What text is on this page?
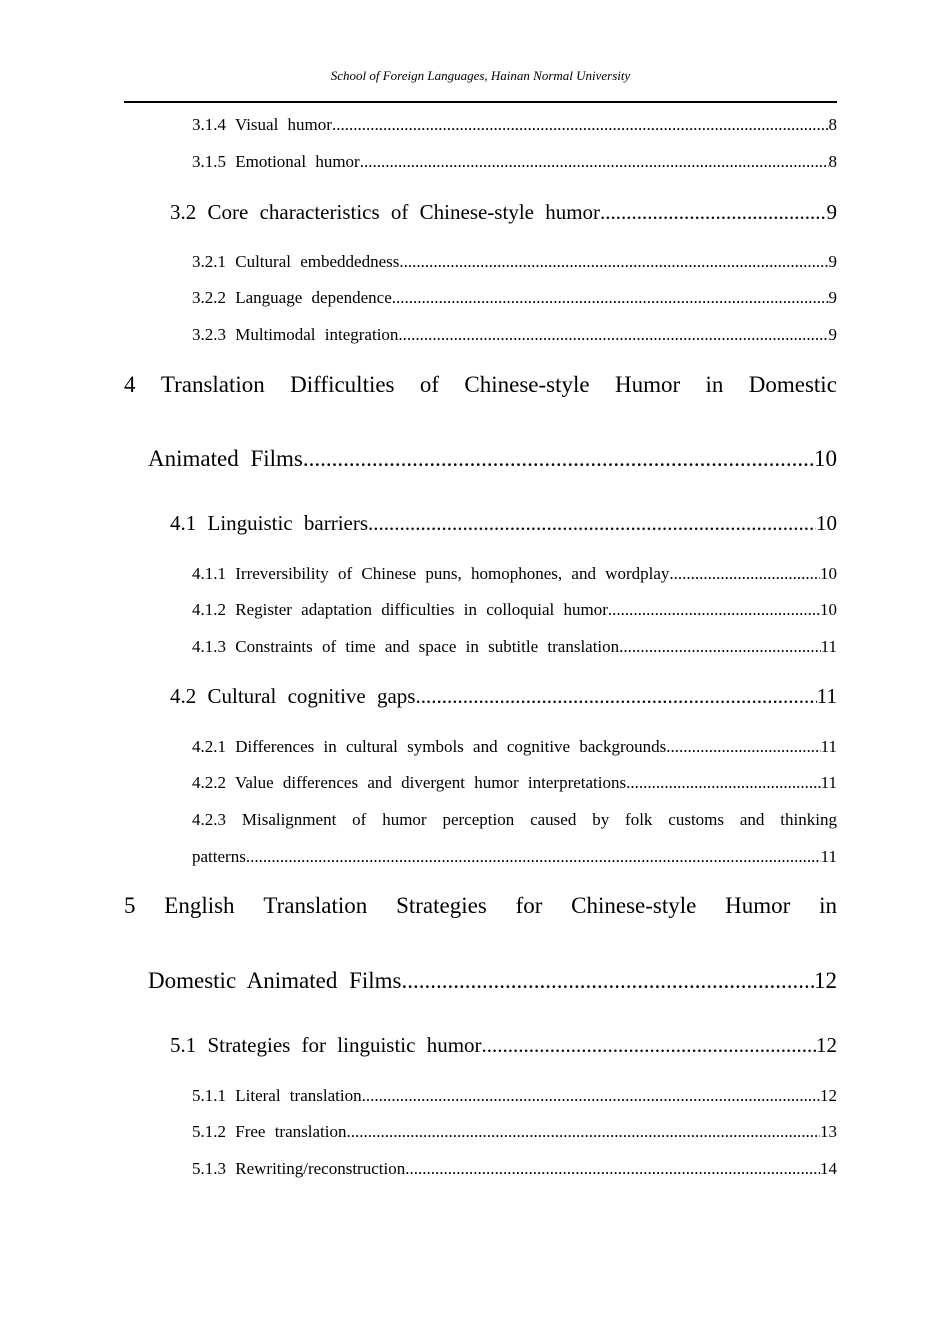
School of Foreign Languages, Hainan Normal University
3.1.4 Visual humor .....	8
3.1.5 Emotional humor .....	8
3.2 Core characteristics of Chinese-style humor .....	9
3.2.1 Cultural embeddedness .....	9
3.2.2 Language dependence .....	9
3.2.3 Multimodal integration .....	9
4 Translation Difficulties of Chinese-style Humor in Domestic
Animated Films .....	10
4.1 Linguistic barriers .....	10
4.1.1 Irreversibility of Chinese puns, homophones, and wordplay .....	10
4.1.2 Register adaptation difficulties in colloquial humor .....	10
4.1.3 Constraints of time and space in subtitle translation .....	11
4.2 Cultural cognitive gaps .....	11
4.2.1 Differences in cultural symbols and cognitive backgrounds .....	11
4.2.2 Value differences and divergent humor interpretations .....	11
4.2.3 Misalignment of humor perception caused by folk customs and thinking
patterns .....	11
5 English Translation Strategies for Chinese-style Humor in
Domestic Animated Films .....	12
5.1 Strategies for linguistic humor .....	12
5.1.1 Literal translation .....	12
5.1.2 Free translation .....	13
5.1.3 Rewriting/reconstruction .....	14
